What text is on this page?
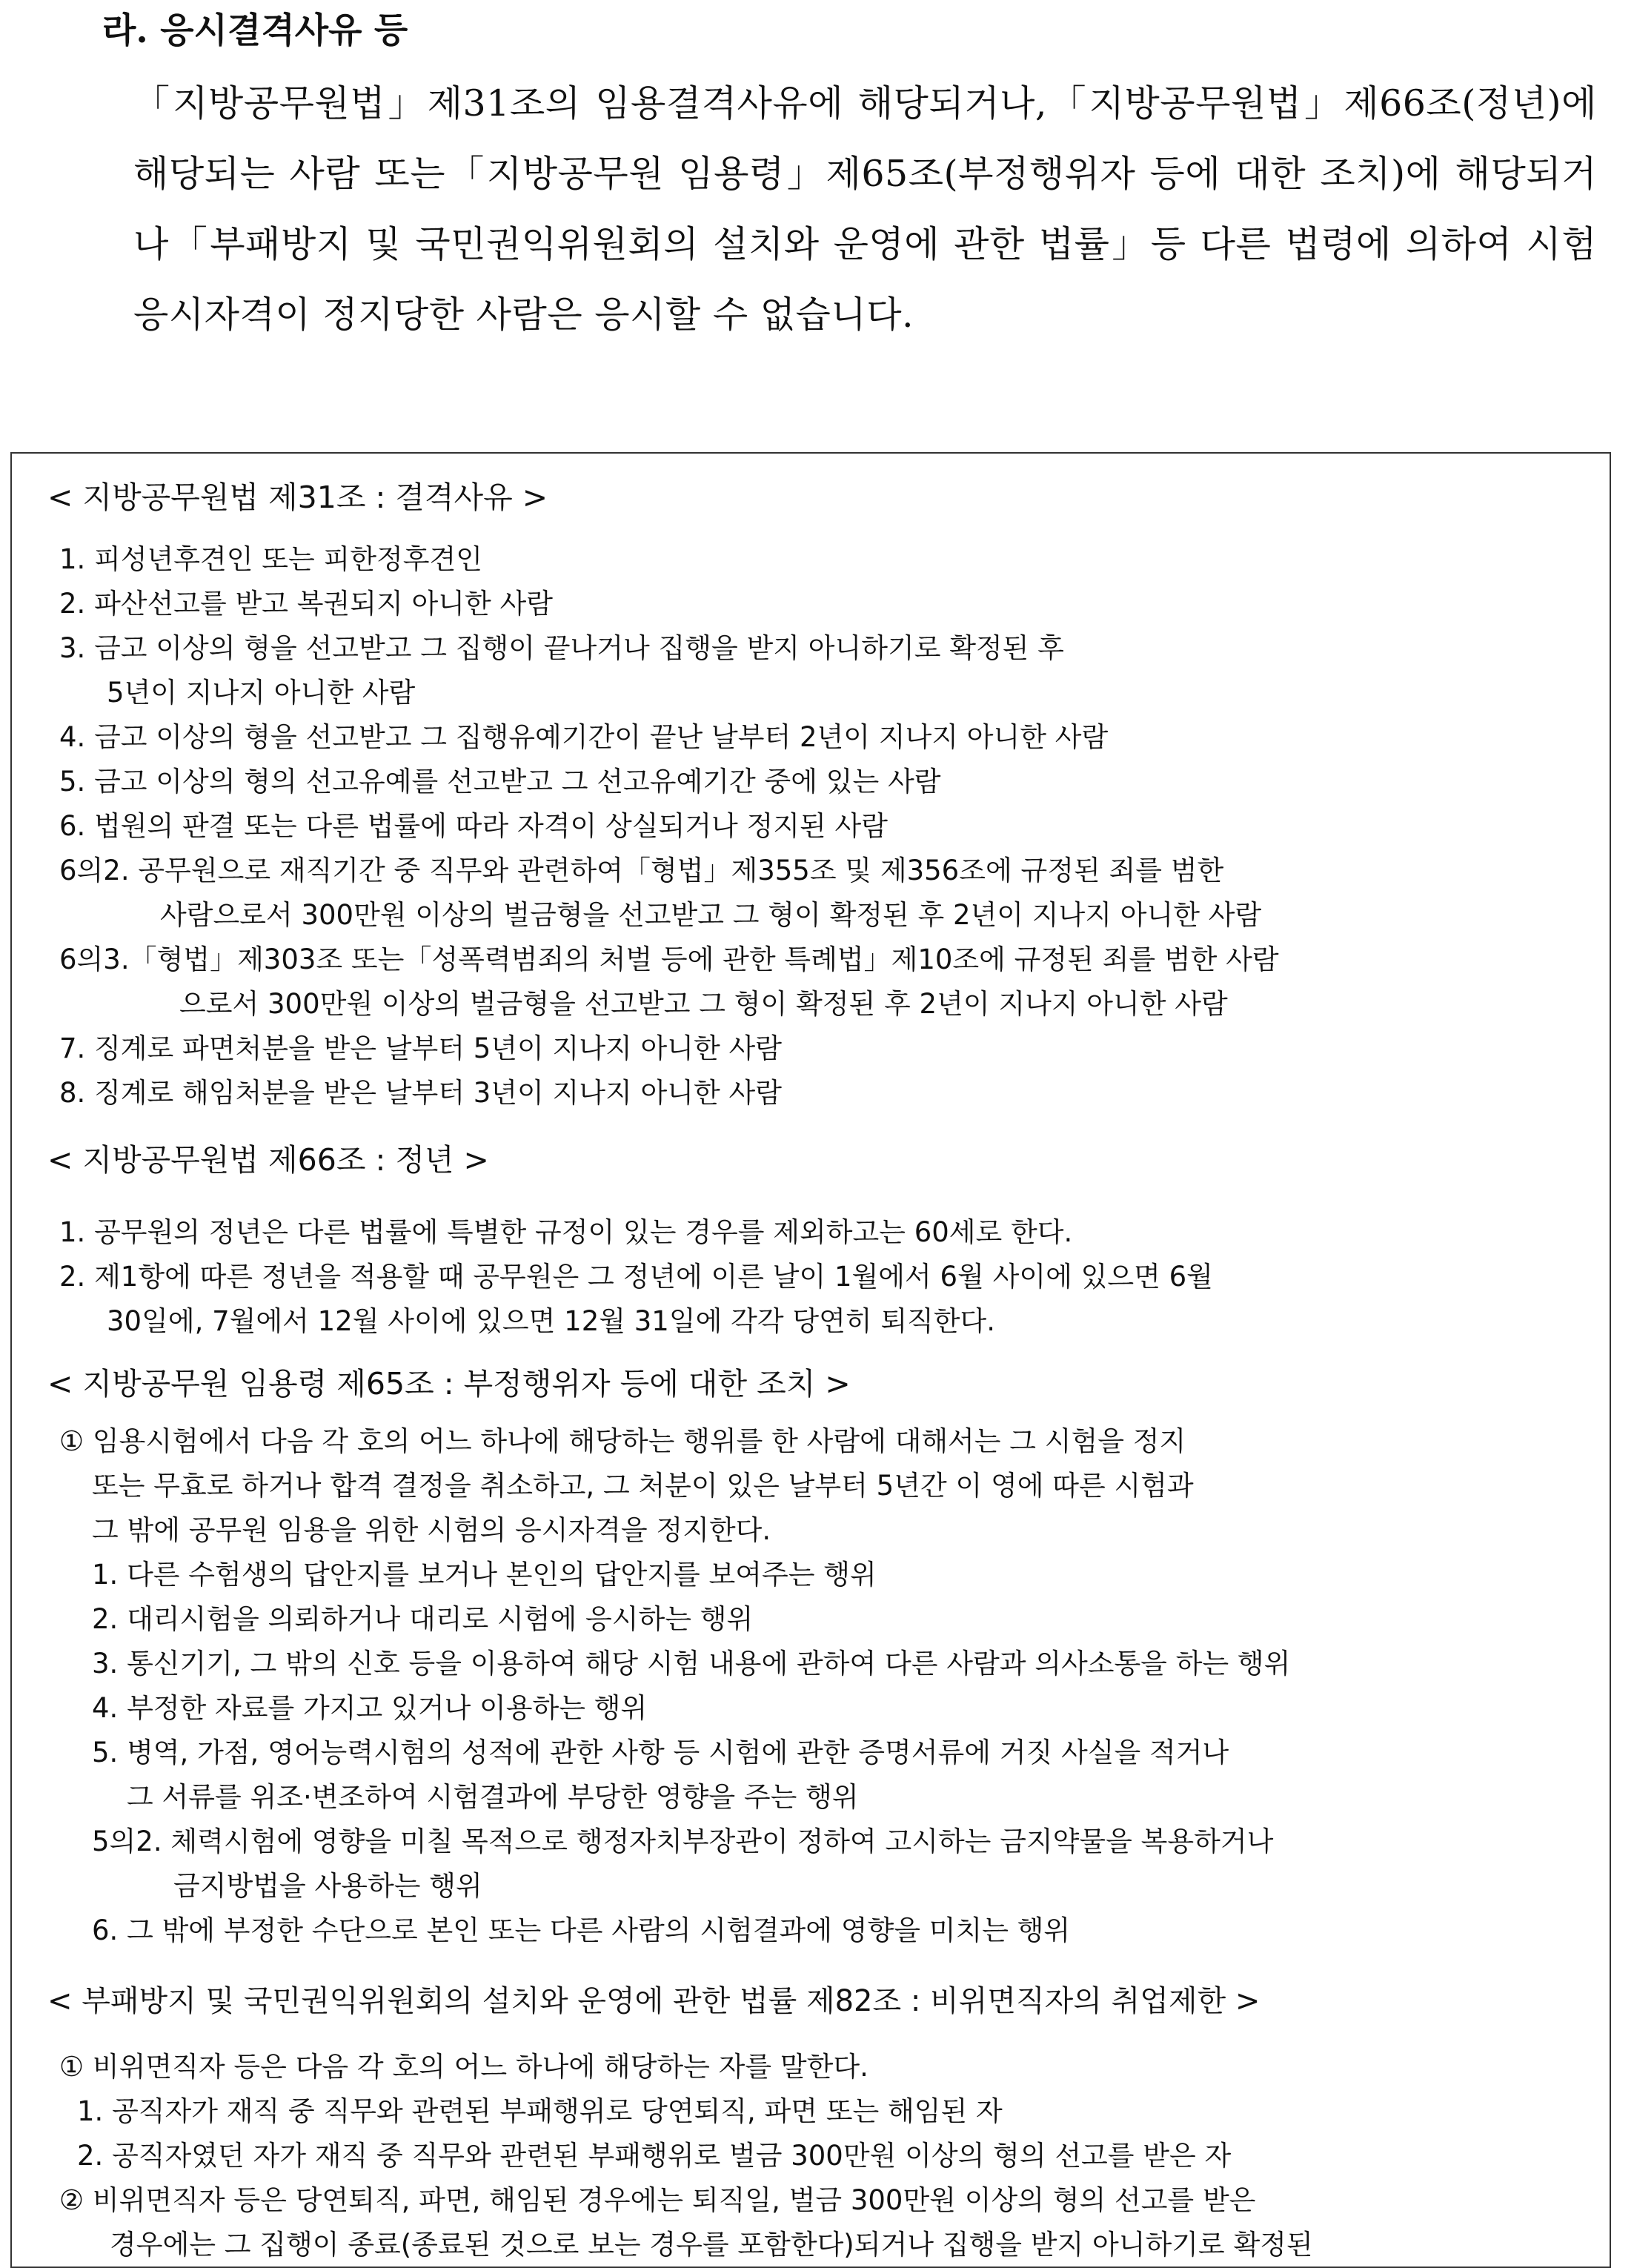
라. 응시결격사유 등

「지방공무원법」제31조의 임용결격사유에 해당되거나,「지방공무원법」제66조(정년)에 해당되는 사람 또는「지방공무원 임용령」제65조(부정행위자 등에 대한 조치)에 해당되거나「부패방지 및 국민권익위원회의 설치와 운영에 관한 법률」등 다른 법령에 의하여 시험 응시자격이 정지당한 사람은 응시할 수 없습니다.

< 지방공무원법 제31조 : 결격사유 >

1. 피성년후견인 또는 피한정후견인

2. 파산선고를 받고 복권되지 아니한 사람

3. 금고 이상의 형을 선고받고 그 집행이 끝나거나 집행을 받지 아니하기로 확정된 후

5년이 지나지 아니한 사람

4. 금고 이상의 형을 선고받고 그 집행유예기간이 끝난 날부터 2년이 지나지 아니한 사람

5. 금고 이상의 형의 선고유예를 선고받고 그 선고유예기간 중에 있는 사람

6. 법원의 판결 또는 다른 법률에 따라 자격이 상실되거나 정지된 사람

6의2. 공무원으로 재직기간 중 직무와 관련하여「형법」제355조 및 제356조에 규정된 죄를 범한

사람으로서 300만원 이상의 벌금형을 선고받고 그 형이 확정된 후 2년이 지나지 아니한 사람

6의3.「형법」제303조 또는「성폭력범죄의 처벌 등에 관한 특례법」제10조에 규정된 죄를 범한 사람

으로서 300만원 이상의 벌금형을 선고받고 그 형이 확정된 후 2년이 지나지 아니한 사람

7. 징계로 파면처분을 받은 날부터 5년이 지나지 아니한 사람

8. 징계로 해임처분을 받은 날부터 3년이 지나지 아니한 사람

< 지방공무원법 제66조 : 정년 >

1. 공무원의 정년은 다른 법률에 특별한 규정이 있는 경우를 제외하고는 60세로 한다.

2. 제1항에 따른 정년을 적용할 때 공무원은 그 정년에 이른 날이 1월에서 6월 사이에 있으면 6월

30일에, 7월에서 12월 사이에 있으면 12월 31일에 각각 당연히 퇴직한다.

< 지방공무원 임용령 제65조 : 부정행위자 등에 대한 조치 >

① 임용시험에서 다음 각 호의 어느 하나에 해당하는 행위를 한 사람에 대해서는 그 시험을 정지

또는 무효로 하거나 합격 결정을 취소하고, 그 처분이 있은 날부터 5년간 이 영에 따른 시험과

그 밖에 공무원 임용을 위한 시험의 응시자격을 정지한다.

1. 다른 수험생의 답안지를 보거나 본인의 답안지를 보여주는 행위

2. 대리시험을 의뢰하거나 대리로 시험에 응시하는 행위

3. 통신기기, 그 밖의 신호 등을 이용하여 해당 시험 내용에 관하여 다른 사람과 의사소통을 하는 행위

4. 부정한 자료를 가지고 있거나 이용하는 행위

5. 병역, 가점, 영어능력시험의 성적에 관한 사항 등 시험에 관한 증명서류에 거짓 사실을 적거나

그 서류를 위조·변조하여 시험결과에 부당한 영향을 주는 행위

5의2. 체력시험에 영향을 미칠 목적으로 행정자치부장관이 정하여 고시하는 금지약물을 복용하거나

금지방법을 사용하는 행위

6. 그 밖에 부정한 수단으로 본인 또는 다른 사람의 시험결과에 영향을 미치는 행위

< 부패방지 및 국민권익위원회의 설치와 운영에 관한 법률 제82조 : 비위면직자의 취업제한 >

① 비위면직자 등은 다음 각 호의 어느 하나에 해당하는 자를 말한다.

1. 공직자가 재직 중 직무와 관련된 부패행위로 당연퇴직, 파면 또는 해임된 자

2. 공직자였던 자가 재직 중 직무와 관련된 부패행위로 벌금 300만원 이상의 형의 선고를 받은 자

② 비위면직자 등은 당연퇴직, 파면, 해임된 경우에는 퇴직일, 벌금 300만원 이상의 형의 선고를 받은

경우에는 그 집행이 종료(종료된 것으로 보는 경우를 포함한다)되거나 집행을 받지 아니하기로 확정된
